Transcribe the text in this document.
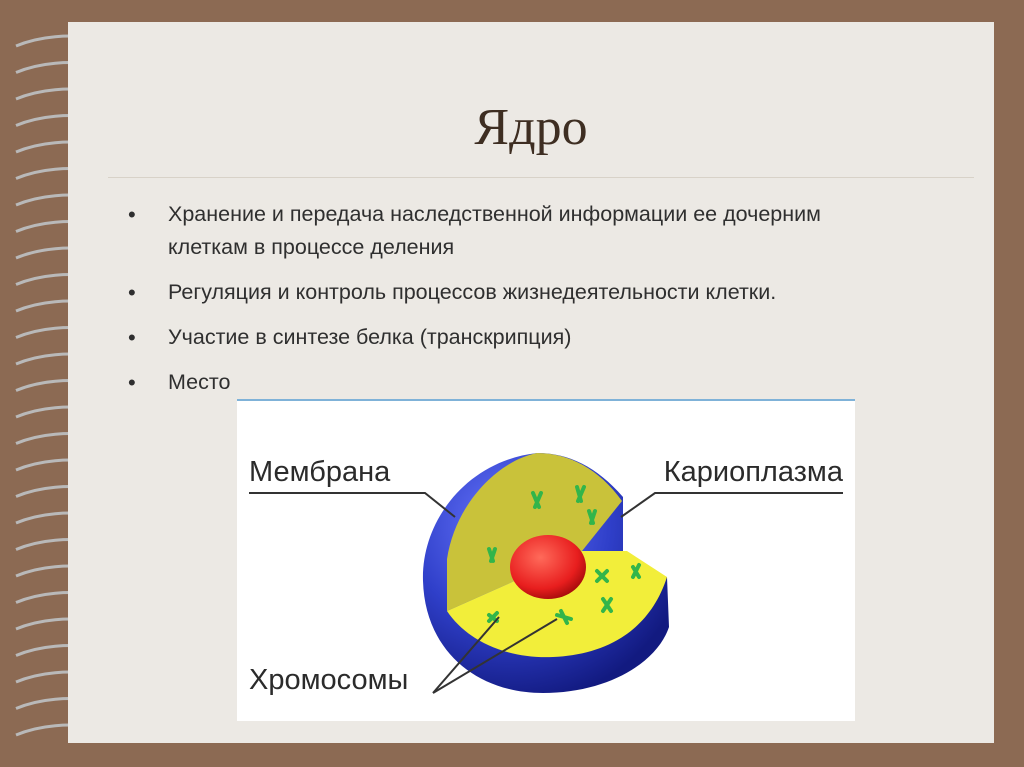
Ядро
• Хранение и передача наследственной информации ее дочерним клеткам в процессе деления
• Регуляция и контроль процессов жизнедеятельности клетки.
• Участие в синтезе белка (транскрипция)
• Место
Мембрана	Кариоплазма
Хромосомы
